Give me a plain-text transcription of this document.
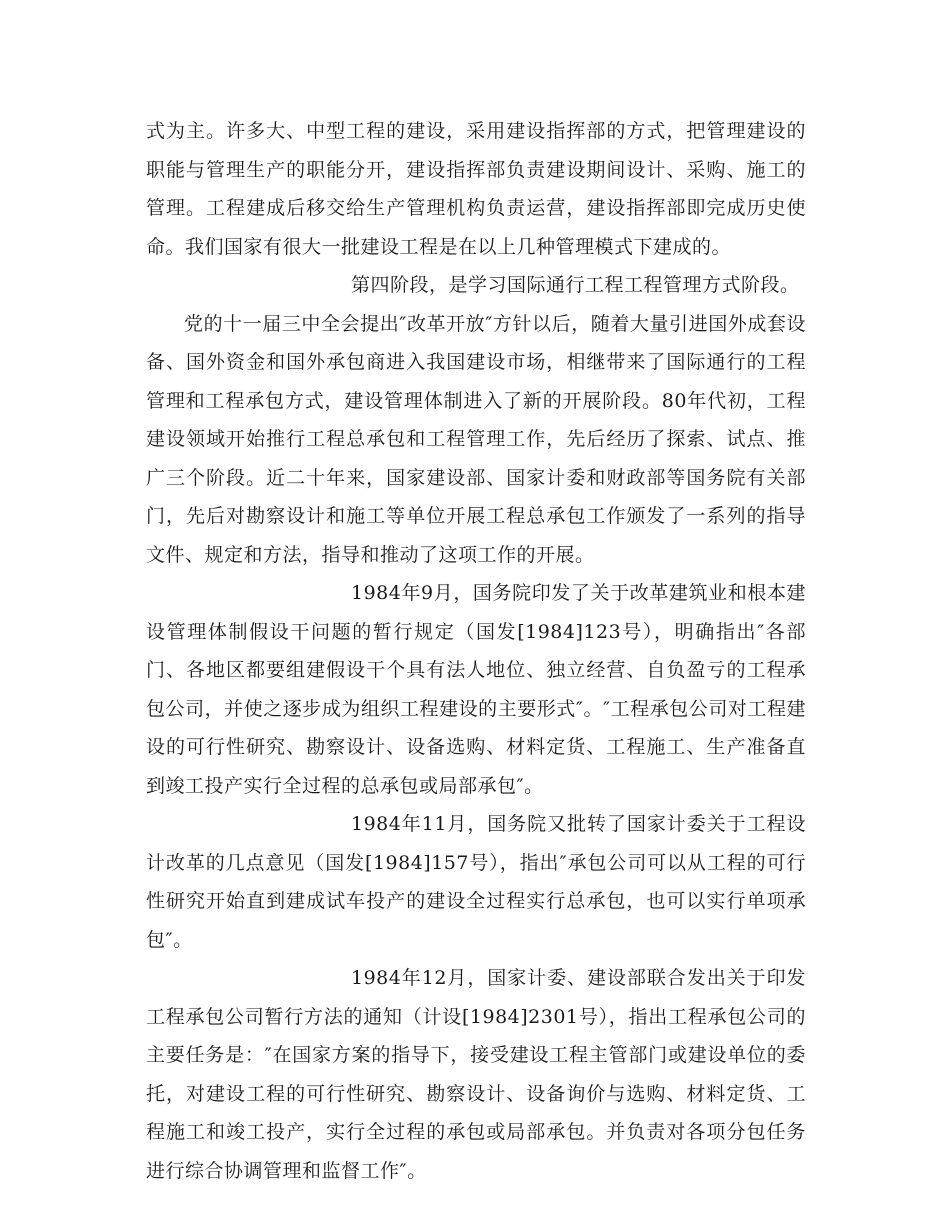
式为主。许多大、中型工程的建设，采用建设指挥部的方式，把管理建设的职能与管理生产的职能分开，建设指挥部负责建设期间设计、采购、施工的管理。工程建成后移交给生产管理机构负责运营，建设指挥部即完成历史使命。我们国家有很大一批建设工程是在以上几种管理模式下建成的。

第四阶段，是学习国际通行工程工程管理方式阶段。

党的十一届三中全会提出″改革开放″方针以后，随着大量引进国外成套设备、国外资金和国外承包商进入我国建设市场，相继带来了国际通行的工程管理和工程承包方式，建设管理体制进入了新的开展阶段。80年代初，工程建设领域开始推行工程总承包和工程管理工作，先后经历了探索、试点、推广三个阶段。近二十年来，国家建设部、国家计委和财政部等国务院有关部门，先后对勘察设计和施工等单位开展工程总承包工作颁发了一系列的指导文件、规定和方法，指导和推动了这项工作的开展。

1984年9月，国务院印发了关于改革建筑业和根本建设管理体制假设干问题的暂行规定（国发[1984]123号），明确指出″各部门、各地区都要组建假设干个具有法人地位、独立经营、自负盈亏的工程承包公司，并使之逐步成为组织工程建设的主要形式″。″工程承包公司对工程建设的可行性研究、勘察设计、设备选购、材料定货、工程施工、生产准备直到竣工投产实行全过程的总承包或局部承包″。

1984年11月，国务院又批转了国家计委关于工程设计改革的几点意见（国发[1984]157号），指出″承包公司可以从工程的可行性研究开始直到建成试车投产的建设全过程实行总承包，也可以实行单项承包″。

1984年12月，国家计委、建设部联合发出关于印发工程承包公司暂行方法的通知（计设[1984]2301号），指出工程承包公司的主要任务是：″在国家方案的指导下，接受建设工程主管部门或建设单位的委托，对建设工程的可行性研究、勘察设计、设备询价与选购、材料定货、工程施工和竣工投产，实行全过程的承包或局部承包。并负责对各项分包任务进行综合协调管理和监督工作″。
